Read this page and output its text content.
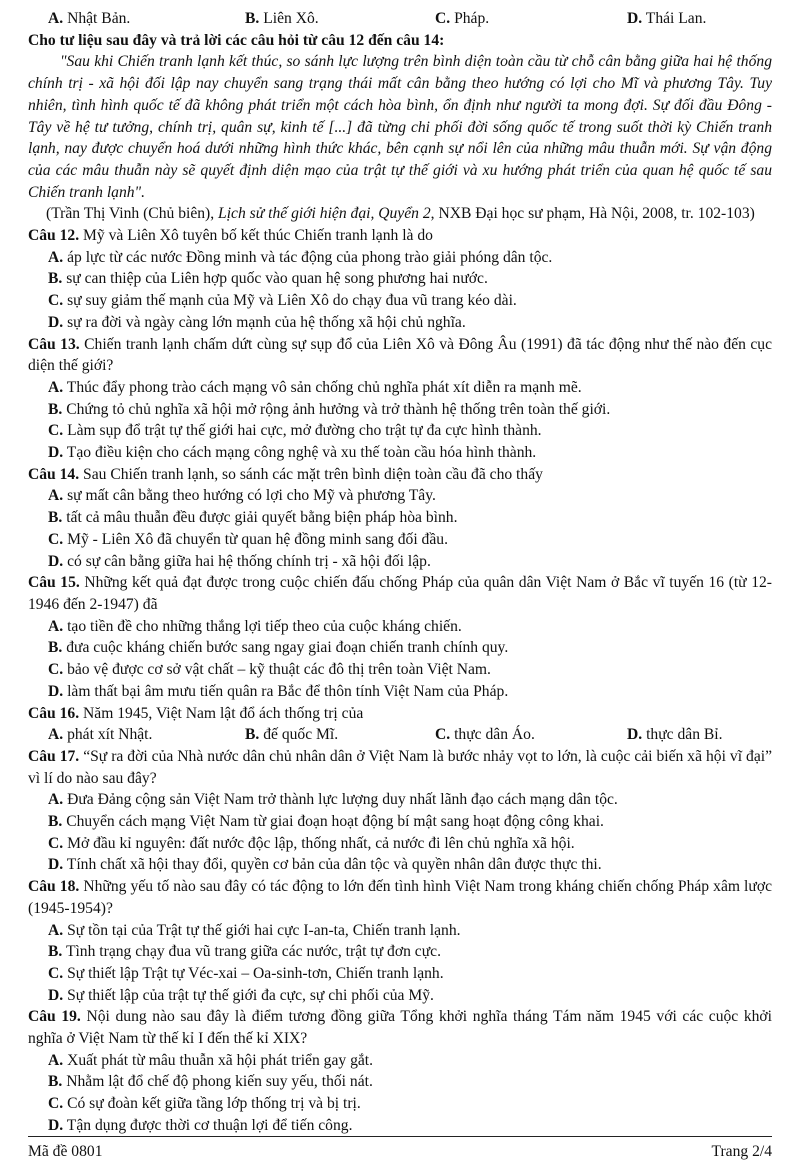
A. Nhật Bản.	B. Liên Xô.	C. Pháp.	D. Thái Lan.
Cho tư liệu sau đây và trả lời các câu hỏi từ câu 12 đến câu 14:
"Sau khi Chiến tranh lạnh kết thúc, so sánh lực lượng trên bình diện toàn cầu từ chỗ cân bằng giữa hai hệ thống chính trị - xã hội đối lập nay chuyển sang trạng thái mất cân bằng theo hướng có lợi cho Mĩ và phương Tây. Tuy nhiên, tình hình quốc tế đã không phát triển một cách hòa bình, ổn định như người ta mong đợi. Sự đối đầu Đông - Tây về hệ tư tưởng, chính trị, quân sự, kinh tế [...] đã từng chi phối đời sống quốc tế trong suốt thời kỳ Chiến tranh lạnh, nay được chuyển hoá dưới những hình thức khác, bên cạnh sự nổi lên của những mâu thuẫn mới. Sự vận động của các mâu thuẫn này sẽ quyết định diện mạo của trật tự thế giới và xu hướng phát triển của quan hệ quốc tế sau Chiến tranh lạnh".
(Trần Thị Vinh (Chủ biên), Lịch sử thế giới hiện đại, Quyển 2, NXB Đại học sư phạm, Hà Nội, 2008, tr. 102-103)
Câu 12. Mỹ và Liên Xô tuyên bố kết thúc Chiến tranh lạnh là do
A. áp lực từ các nước Đồng minh và tác động của phong trào giải phóng dân tộc.
B. sự can thiệp của Liên hợp quốc vào quan hệ song phương hai nước.
C. sự suy giảm thế mạnh của Mỹ và Liên Xô do chạy đua vũ trang kéo dài.
D. sự ra đời và ngày càng lớn mạnh của hệ thống xã hội chủ nghĩa.
Câu 13. Chiến tranh lạnh chấm dứt cùng sự sụp đổ của Liên Xô và Đông Âu (1991) đã tác động như thế nào đến cục diện thế giới?
A. Thúc đẩy phong trào cách mạng vô sản chống chủ nghĩa phát xít diễn ra mạnh mẽ.
B. Chứng tỏ chủ nghĩa xã hội mở rộng ảnh hưởng và trở thành hệ thống trên toàn thế giới.
C. Làm sụp đổ trật tự thế giới hai cực, mở đường cho trật tự đa cực hình thành.
D. Tạo điều kiện cho cách mạng công nghệ và xu thế toàn cầu hóa hình thành.
Câu 14. Sau Chiến tranh lạnh, so sánh các mặt trên bình diện toàn cầu đã cho thấy
A. sự mất cân bằng theo hướng có lợi cho Mỹ và phương Tây.
B. tất cả mâu thuẫn đều được giải quyết bằng biện pháp hòa bình.
C. Mỹ - Liên Xô đã chuyển từ quan hệ đồng minh sang đối đầu.
D. có sự cân bằng giữa hai hệ thống chính trị - xã hội đối lập.
Câu 15. Những kết quả đạt được trong cuộc chiến đấu chống Pháp của quân dân Việt Nam ở Bắc vĩ tuyến 16 (từ 12-1946 đến 2-1947) đã
A. tạo tiền đề cho những thắng lợi tiếp theo của cuộc kháng chiến.
B. đưa cuộc kháng chiến bước sang ngay giai đoạn chiến tranh chính quy.
C. bảo vệ được cơ sở vật chất – kỹ thuật các đô thị trên toàn Việt Nam.
D. làm thất bại âm mưu tiến quân ra Bắc để thôn tính Việt Nam của Pháp.
Câu 16. Năm 1945, Việt Nam lật đổ ách thống trị của
A. phát xít Nhật.	B. đế quốc Mĩ.	C. thực dân Áo.	D. thực dân Bỉ.
Câu 17. “Sự ra đời của Nhà nước dân chủ nhân dân ở Việt Nam là bước nhảy vọt to lớn, là cuộc cải biến xã hội vĩ đại” vì lí do nào sau đây?
A. Đưa Đảng cộng sản Việt Nam trở thành lực lượng duy nhất lãnh đạo cách mạng dân tộc.
B. Chuyển cách mạng Việt Nam từ giai đoạn hoạt động bí mật sang hoạt động công khai.
C. Mở đầu kỉ nguyên: đất nước độc lập, thống nhất, cả nước đi lên chủ nghĩa xã hội.
D. Tính chất xã hội thay đổi, quyền cơ bản của dân tộc và quyền nhân dân được thực thi.
Câu 18. Những yếu tố nào sau đây có tác động to lớn đến tình hình Việt Nam trong kháng chiến chống Pháp xâm lược (1945-1954)?
A. Sự tồn tại của Trật tự thế giới hai cực I-an-ta, Chiến tranh lạnh.
B. Tình trạng chạy đua vũ trang giữa các nước, trật tự đơn cực.
C. Sự thiết lập Trật tự Véc-xai – Oa-sinh-tơn, Chiến tranh lạnh.
D. Sự thiết lập của trật tự thế giới đa cực, sự chi phối của Mỹ.
Câu 19. Nội dung nào sau đây là điểm tương đồng giữa Tổng khởi nghĩa tháng Tám năm 1945 với các cuộc khởi nghĩa ở Việt Nam từ thế kỉ I đến thế kỉ XIX?
A. Xuất phát từ mâu thuẫn xã hội phát triển gay gắt.
B. Nhằm lật đổ chế độ phong kiến suy yếu, thối nát.
C. Có sự đoàn kết giữa tầng lớp thống trị và bị trị.
D. Tận dụng được thời cơ thuận lợi để tiến công.
Mã đề 0801	Trang 2/4
